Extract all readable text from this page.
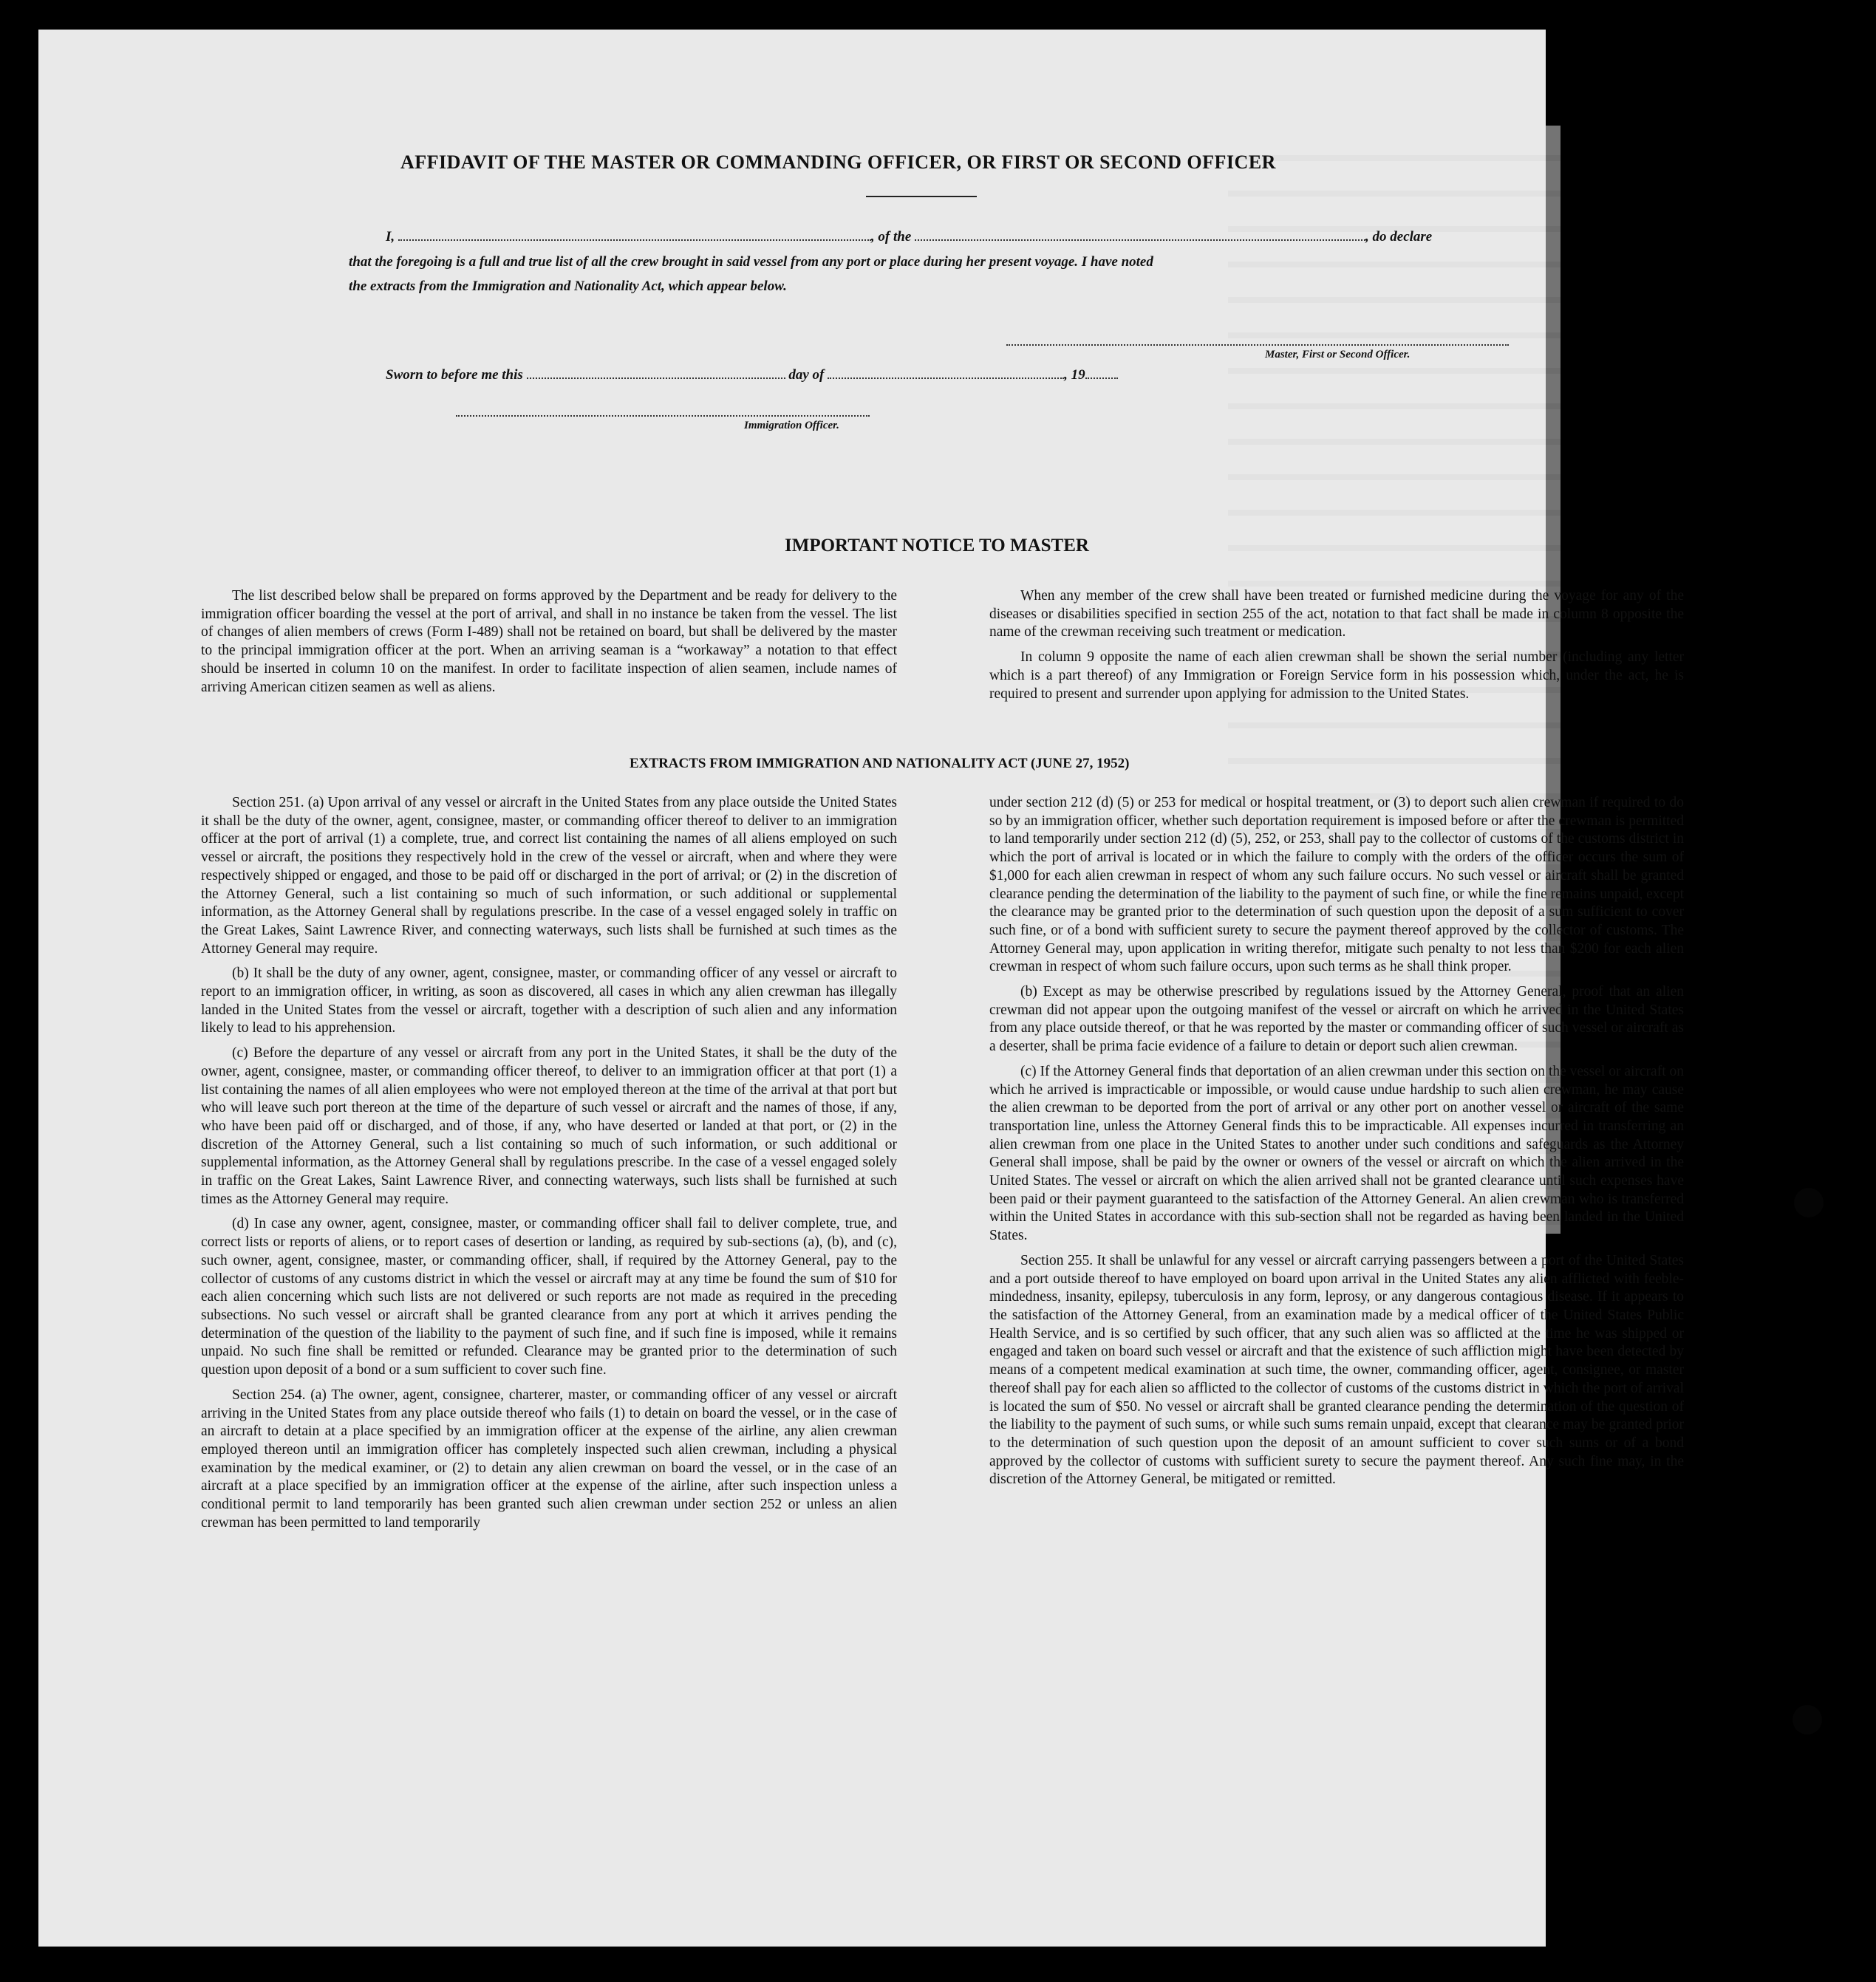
AFFIDAVIT OF THE MASTER OR COMMANDING OFFICER, OR FIRST OR SECOND OFFICER
I,	, of the	, do declare
that the foregoing is a full and true list of all the crew brought in said vessel from any port or place during her present voyage. I have noted
the extracts from the Immigration and Nationality Act, which appear below.
Master, First or Second Officer.
Sworn to before me this	day of	, 19
Immigration Officer.
IMPORTANT NOTICE TO MASTER

The list described below shall be prepared on forms approved by the Department and be ready for delivery to the immigration officer boarding the vessel at the port of arrival, and shall in no instance be taken from the vessel. The list of changes of alien members of crews (Form I-489) shall not be retained on board, but shall be delivered by the master to the principal immigration officer at the port. When an arriving seaman is a “workaway” a notation to that effect should be inserted in column 10 on the manifest. In order to facilitate inspection of alien seamen, include names of arriving American citizen seamen as well as aliens.

When any member of the crew shall have been treated or furnished medicine during the voyage for any of the diseases or disabilities specified in section 255 of the act, notation to that fact shall be made in column 8 opposite the name of the crewman receiving such treatment or medication.

In column 9 opposite the name of each alien crewman shall be shown the serial number (including any letter which is a part thereof) of any Immigration or Foreign Service form in his possession which, under the act, he is required to present and surrender upon applying for admission to the United States.

EXTRACTS FROM IMMIGRATION AND NATIONALITY ACT (JUNE 27, 1952)

Section 251. (a) Upon arrival of any vessel or aircraft in the United States from any place outside the United States it shall be the duty of the owner, agent, consignee, master, or commanding officer thereof to deliver to an immigration officer at the port of arrival (1) a complete, true, and correct list containing the names of all aliens employed on such vessel or aircraft, the positions they respectively hold in the crew of the vessel or aircraft, when and where they were respectively shipped or engaged, and those to be paid off or discharged in the port of arrival; or (2) in the discretion of the Attorney General, such a list containing so much of such information, or such additional or supplemental information, as the Attorney General shall by regulations prescribe. In the case of a vessel engaged solely in traffic on the Great Lakes, Saint Lawrence River, and connecting waterways, such lists shall be furnished at such times as the Attorney General may require.

(b) It shall be the duty of any owner, agent, consignee, master, or commanding officer of any vessel or aircraft to report to an immigration officer, in writing, as soon as discovered, all cases in which any alien crewman has illegally landed in the United States from the vessel or aircraft, together with a description of such alien and any information likely to lead to his apprehension.

(c) Before the departure of any vessel or aircraft from any port in the United States, it shall be the duty of the owner, agent, consignee, master, or commanding officer thereof, to deliver to an immigration officer at that port (1) a list containing the names of all alien employees who were not employed thereon at the time of the arrival at that port but who will leave such port thereon at the time of the departure of such vessel or aircraft and the names of those, if any, who have been paid off or discharged, and of those, if any, who have deserted or landed at that port, or (2) in the discretion of the Attorney General, such a list containing so much of such information, or such additional or supplemental information, as the Attorney General shall by regulations prescribe. In the case of a vessel engaged solely in traffic on the Great Lakes, Saint Lawrence River, and connecting waterways, such lists shall be furnished at such times as the Attorney General may require.

(d) In case any owner, agent, consignee, master, or commanding officer shall fail to deliver complete, true, and correct lists or reports of aliens, or to report cases of desertion or landing, as required by sub-sections (a), (b), and (c), such owner, agent, consignee, master, or commanding officer, shall, if required by the Attorney General, pay to the collector of customs of any customs district in which the vessel or aircraft may at any time be found the sum of $10 for each alien concerning which such lists are not delivered or such reports are not made as required in the preceding subsections. No such vessel or aircraft shall be granted clearance from any port at which it arrives pending the determination of the question of the liability to the payment of such fine, and if such fine is imposed, while it remains unpaid. No such fine shall be remitted or refunded. Clearance may be granted prior to the determination of such question upon deposit of a bond or a sum sufficient to cover such fine.

Section 254. (a) The owner, agent, consignee, charterer, master, or commanding officer of any vessel or aircraft arriving in the United States from any place outside thereof who fails (1) to detain on board the vessel, or in the case of an aircraft to detain at a place specified by an immigration officer at the expense of the airline, any alien crewman employed thereon until an immigration officer has completely inspected such alien crewman, including a physical examination by the medical examiner, or (2) to detain any alien crewman on board the vessel, or in the case of an aircraft at a place specified by an immigration officer at the expense of the airline, after such inspection unless a conditional permit to land temporarily has been granted such alien crewman under section 252 or unless an alien crewman has been permitted to land temporarily

under section 212 (d) (5) or 253 for medical or hospital treatment, or (3) to deport such alien crewman if required to do so by an immigration officer, whether such deportation requirement is imposed before or after the crewman is permitted to land temporarily under section 212 (d) (5), 252, or 253, shall pay to the collector of customs of the customs district in which the port of arrival is located or in which the failure to comply with the orders of the officer occurs the sum of $1,000 for each alien crewman in respect of whom any such failure occurs. No such vessel or aircraft shall be granted clearance pending the determination of the liability to the payment of such fine, or while the fine remains unpaid, except the clearance may be granted prior to the determination of such question upon the deposit of a sum sufficient to cover such fine, or of a bond with sufficient surety to secure the payment thereof approved by the collector of customs. The Attorney General may, upon application in writing therefor, mitigate such penalty to not less than $200 for each alien crewman in respect of whom such failure occurs, upon such terms as he shall think proper.

(b) Except as may be otherwise prescribed by regulations issued by the Attorney General, proof that an alien crewman did not appear upon the outgoing manifest of the vessel or aircraft on which he arrived in the United States from any place outside thereof, or that he was reported by the master or commanding officer of such vessel or aircraft as a deserter, shall be prima facie evidence of a failure to detain or deport such alien crewman.

(c) If the Attorney General finds that deportation of an alien crewman under this section on the vessel or aircraft on which he arrived is impracticable or impossible, or would cause undue hardship to such alien crewman, he may cause the alien crewman to be deported from the port of arrival or any other port on another vessel or aircraft of the same transportation line, unless the Attorney General finds this to be impracticable. All expenses incurred in transferring an alien crewman from one place in the United States to another under such conditions and safeguards as the Attorney General shall impose, shall be paid by the owner or owners of the vessel or aircraft on which the alien arrived in the United States. The vessel or aircraft on which the alien arrived shall not be granted clearance until such expenses have been paid or their payment guaranteed to the satisfaction of the Attorney General. An alien crewman who is transferred within the United States in accordance with this sub-section shall not be regarded as having been landed in the United States.

Section 255. It shall be unlawful for any vessel or aircraft carrying passengers between a port of the United States and a port outside thereof to have employed on board upon arrival in the United States any alien afflicted with feeble-mindedness, insanity, epilepsy, tuberculosis in any form, leprosy, or any dangerous contagious disease. If it appears to the satisfaction of the Attorney General, from an examination made by a medical officer of the United States Public Health Service, and is so certified by such officer, that any such alien was so afflicted at the time he was shipped or engaged and taken on board such vessel or aircraft and that the existence of such affliction might have been detected by means of a competent medical examination at such time, the owner, commanding officer, agent, consignee, or master thereof shall pay for each alien so afflicted to the collector of customs of the customs district in which the port of arrival is located the sum of $50. No vessel or aircraft shall be granted clearance pending the determination of the question of the liability to the payment of such sums, or while such sums remain unpaid, except that clearance may be granted prior to the determination of such question upon the deposit of an amount sufficient to cover such sums or of a bond approved by the collector of customs with sufficient surety to secure the payment thereof. Any such fine may, in the discretion of the Attorney General, be mitigated or remitted.
